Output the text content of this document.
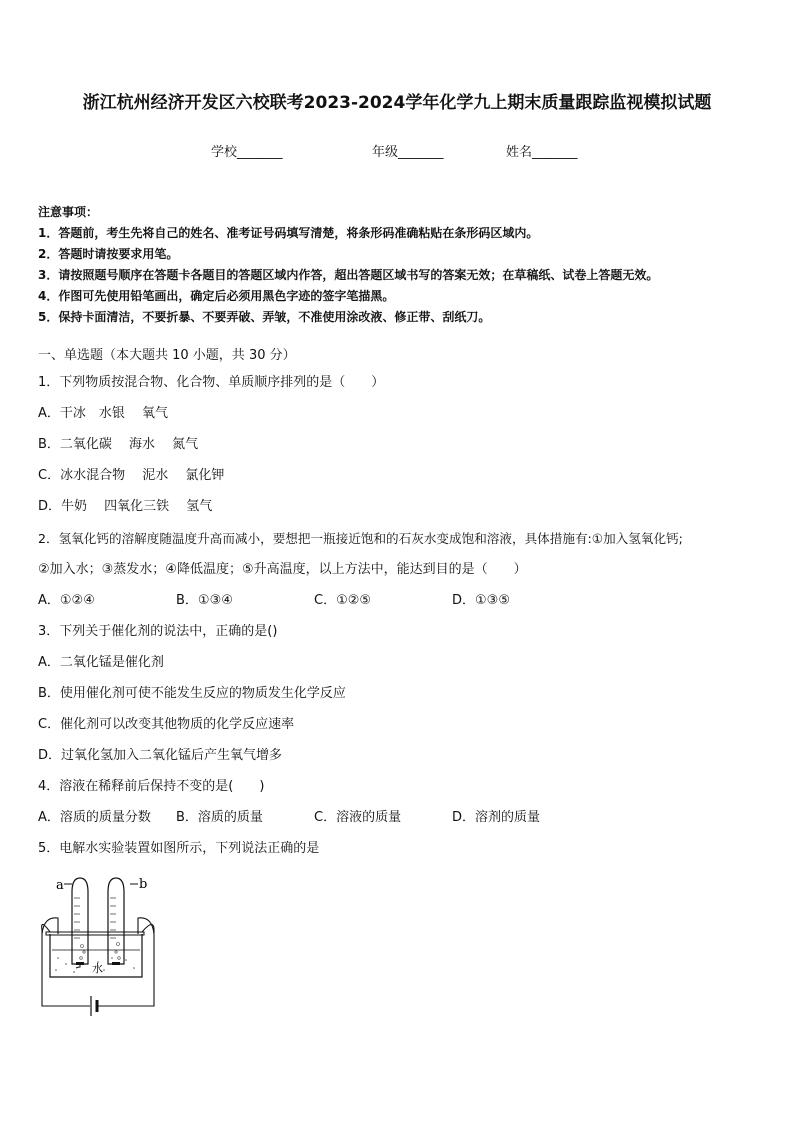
浙江杭州经济开发区六校联考2023-2024学年化学九上期末质量跟踪监视模拟试题
学校_______	年级_______	姓名_______
注意事项：
1．答题前，考生先将自己的姓名、准考证号码填写清楚，将条形码准确粘贴在条形码区域内。
2．答题时请按要求用笔。
3．请按照题号顺序在答题卡各题目的答题区域内作答，超出答题区域书写的答案无效；在草稿纸、试卷上答题无效。
4．作图可先使用铅笔画出，确定后必须用黑色字迹的签字笔描黑。
5．保持卡面清洁，不要折暴、不要弄破、弄皱，不准使用涂改液、修正带、刮纸刀。
一、单选题（本大题共 10 小题，共 30 分）
1．下列物质按混合物、化合物、单质顺序排列的是（　　）
A．干冰　水银　 氧气
B．二氧化碳　 海水　 氮气
C．冰水混合物　 泥水　 氯化钾
D．牛奶　 四氧化三铁　 氢气
2．氢氧化钙的溶解度随温度升高而减小，要想把一瓶接近饱和的石灰水变成饱和溶液，具体措施有:①加入氢氧化钙;
②加入水；③蒸发水；④降低温度；⑤升高温度，以上方法中，能达到目的是（　　）
A．①②④	B．①③④	C．①②⑤	D．①③⑤
3．下列关于催化剂的说法中，正确的是()
A．二氧化锰是催化剂
B．使用催化剂可使不能发生反应的物质发生化学反应
C．催化剂可以改变其他物质的化学反应速率
D．过氧化氢加入二氧化锰后产生氧气增多
4．溶液在稀释前后保持不变的是(　　)
A．溶质的质量分数 B．溶质的质量	C．溶液的质量	D．溶剂的质量
5．电解水实验装置如图所示，下列说法正确的是
a	b
水
